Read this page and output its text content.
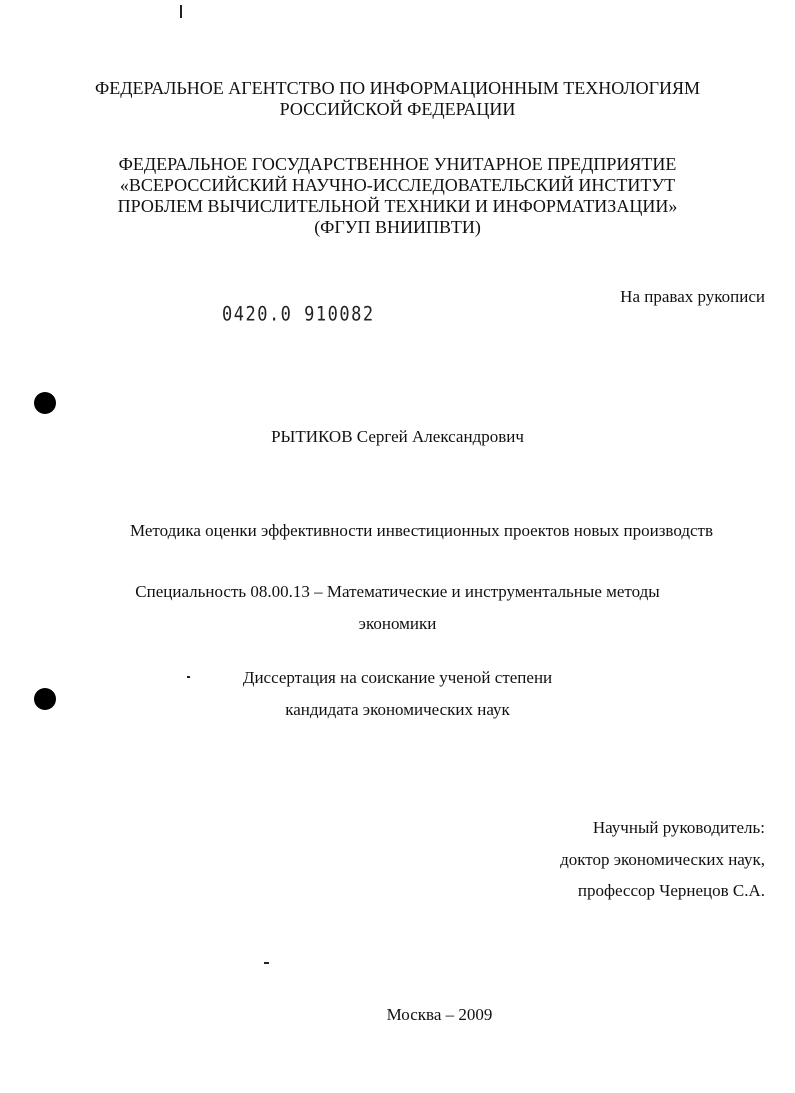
ФЕДЕРАЛЬНОЕ АГЕНТСТВО ПО ИНФОРМАЦИОННЫМ ТЕХНОЛОГИЯМ
РОССИЙСКОЙ ФЕДЕРАЦИИ
ФЕДЕРАЛЬНОЕ ГОСУДАРСТВЕННОЕ УНИТАРНОЕ ПРЕДПРИЯТИЕ
«ВСЕРОССИЙСКИЙ НАУЧНО-ИССЛЕДОВАТЕЛЬСКИЙ ИНСТИТУТ
ПРОБЛЕМ ВЫЧИСЛИТЕЛЬНОЙ ТЕХНИКИ И ИНФОРМАТИЗАЦИИ»
(ФГУП ВНИИПВТИ)
На правах рукописи
0420.0 910082
РЫТИКОВ Сергей Александрович
Методика оценки эффективности инвестиционных проектов новых производств
Специальность 08.00.13 – Математические и инструментальные методы
экономики
Диссертация на соискание ученой степени
кандидата экономических наук
Научный руководитель:
доктор экономических наук,
профессор Чернецов С.А.
Москва – 2009
